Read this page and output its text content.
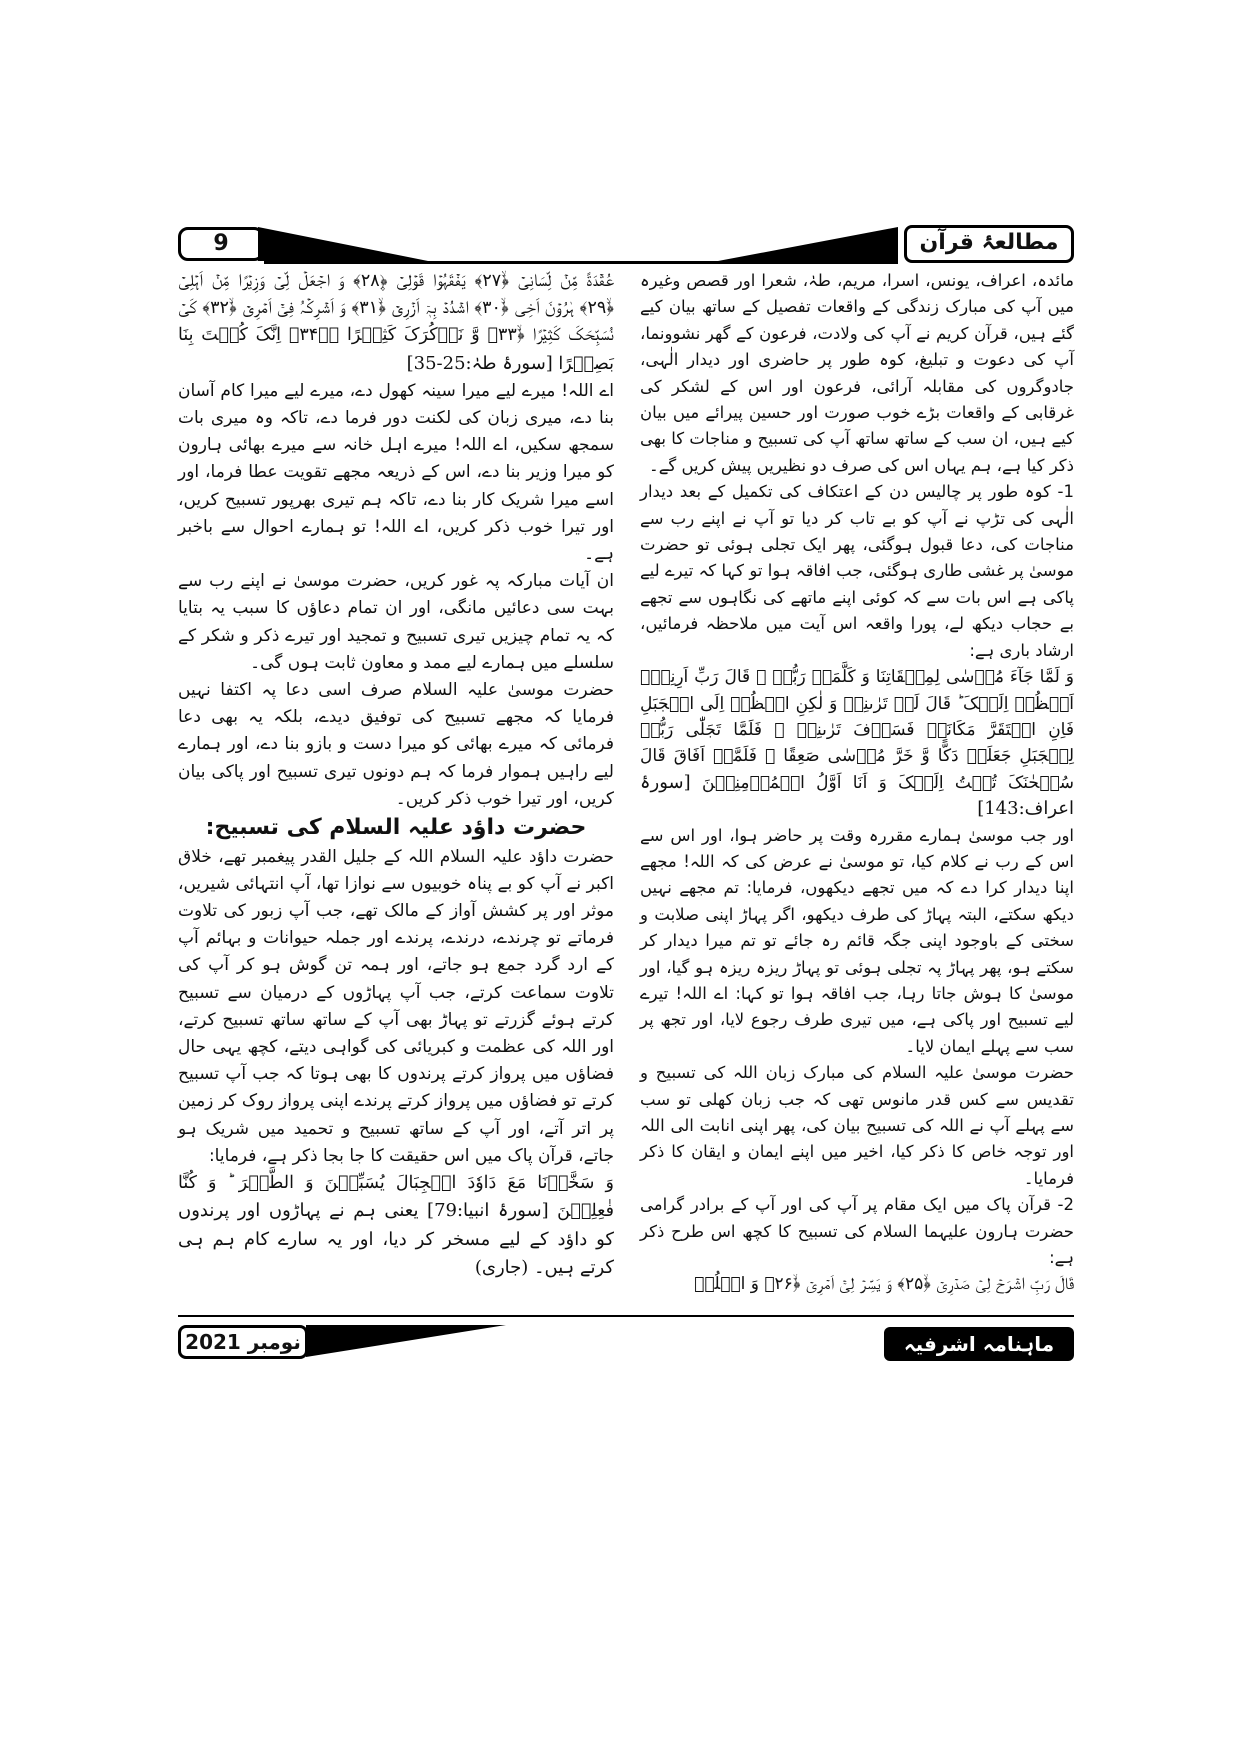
9	مطالعۂ قرآن

مائدہ، اعراف، یونس، اسرا، مریم، طہٰ، شعرا اور قصص وغیرہ میں آپ کی مبارک زندگی کے واقعات تفصیل کے ساتھ بیان کیے گئے ہیں، قرآن کریم نے آپ کی ولادت، فرعون کے گھر نشوونما، آپ کی دعوت و تبلیغ، کوہ طور پر حاضری اور دیدار الٰہی، جادوگروں کی مقابلہ آرائی، فرعون اور اس کے لشکر کی غرقابی کے واقعات بڑے خوب صورت اور حسین پیرائے میں بیان کیے ہیں، ان سب کے ساتھ ساتھ آپ کی تسبیح و مناجات کا بھی ذکر کیا ہے، ہم یہاں اس کی صرف دو نظیریں پیش کریں گے۔

1- کوہ طور پر چالیس دن کے اعتکاف کی تکمیل کے بعد دیدار الٰہی کی تڑپ نے آپ کو بے تاب کر دیا تو آپ نے اپنے رب سے مناجات کی، دعا قبول ہوگئی، پھر ایک تجلی ہوئی تو حضرت موسیٰ پر غشی طاری ہوگئی، جب افاقہ ہوا تو کہا کہ تیرے لیے پاکی ہے اس بات سے کہ کوئی اپنے ماتھے کی نگاہوں سے تجھے بے حجاب دیکھ لے، پورا واقعہ اس آیت میں ملاحظہ فرمائیں، ارشاد باری ہے:

وَ لَمَّا جَآءَ مُوۡسٰی لِمِیۡقَاتِنَا وَ کَلَّمَہٗ رَبُّہٗ ۙ قَالَ رَبِّ اَرِنِیۡۤ اَنۡظُرۡ اِلَیۡکَ ؕ قَالَ لَنۡ تَرٰىنِیۡ وَ لٰکِنِ انۡظُرۡ اِلَی الۡجَبَلِ فَاِنِ اسۡتَقَرَّ مَکَانَہٗ فَسَوۡفَ تَرٰىنِیۡ ۚ فَلَمَّا تَجَلّٰی رَبُّہٗ لِلۡجَبَلِ جَعَلَہٗ دَکًّا وَّ خَرَّ مُوۡسٰی صَعِقًا ۚ فَلَمَّاۤ اَفَاقَ قَالَ سُبۡحٰنَکَ تُبۡتُ اِلَیۡکَ وَ اَنَا اَوَّلُ الۡمُؤۡمِنِیۡنَ [سورۂ اعراف:143]

اور جب موسیٰ ہمارے مقررہ وقت پر حاضر ہوا، اور اس سے اس کے رب نے کلام کیا، تو موسیٰ نے عرض کی کہ اللہ! مجھے اپنا دیدار کرا دے کہ میں تجھے دیکھوں، فرمایا: تم مجھے نہیں دیکھ سکتے، البتہ پہاڑ کی طرف دیکھو، اگر پہاڑ اپنی صلابت و سختی کے باوجود اپنی جگہ قائم رہ جائے تو تم میرا دیدار کر سکتے ہو، پھر پہاڑ پہ تجلی ہوئی تو پہاڑ ریزہ ریزہ ہو گیا، اور موسیٰ کا ہوش جاتا رہا، جب افاقہ ہوا تو کہا: اے اللہ! تیرے لیے تسبیح اور پاکی ہے، میں تیری طرف رجوع لایا، اور تجھ پر سب سے پہلے ایمان لایا۔

حضرت موسیٰ علیہ السلام کی مبارک زبان اللہ کی تسبیح و تقدیس سے کس قدر مانوس تھی کہ جب زبان کھلی تو سب سے پہلے آپ نے اللہ کی تسبیح بیان کی، پھر اپنی انابت الی اللہ اور توجہ خاص کا ذکر کیا، اخیر میں اپنے ایمان و ایقان کا ذکر فرمایا۔

2- قرآن پاک میں ایک مقام پر آپ کی اور آپ کے برادر گرامی حضرت ہارون علیہما السلام کی تسبیح کا کچھ اس طرح ذکر ہے:

قَالَ رَبِّ اشۡرَحۡ لِیۡ صَدۡرِیۡ ﴿ۙ۲۵﴾ وَ یَسِّرۡ لِیۡۤ اَمۡرِیۡ ﴿ۙ۲۶﴾ وَ احۡلُلۡ

عُقۡدَۃً مِّنۡ لِّسَانِیۡ ﴿ۙ۲۷﴾ یَفۡقَہُوۡا قَوۡلِیۡ ﴿۪۲۸﴾ وَ اجۡعَلۡ لِّیۡ وَزِیۡرًا مِّنۡ اَہۡلِیۡ ﴿ۙ۲۹﴾ ہٰرُوۡنَ اَخِی ﴿ۙ۳۰﴾ اشۡدُدۡ بِہٖۤ اَزۡرِیۡ ﴿ۙ۳۱﴾ وَ اَشۡرِکۡہُ فِیۡۤ اَمۡرِیۡ ﴿ۙ۳۲﴾ کَیۡ نُسَبِّحَکَ کَثِیۡرًا ﴿ۙ۳۳﴾ وَّ نَذۡکُرَکَ کَثِیۡرًا ﴿ؕ۳۴﴾ اِنَّکَ کُنۡتَ بِنَا بَصِیۡرًا [سورۂ طہٰ:25-35]

اے اللہ! میرے لیے میرا سینہ کھول دے، میرے لیے میرا کام آسان بنا دے، میری زبان کی لکنت دور فرما دے، تاکہ وہ میری بات سمجھ سکیں، اے اللہ! میرے اہل خانہ سے میرے بھائی ہارون کو میرا وزیر بنا دے، اس کے ذریعہ مجھے تقویت عطا فرما، اور اسے میرا شریک کار بنا دے، تاکہ ہم تیری بھرپور تسبیح کریں، اور تیرا خوب ذکر کریں، اے اللہ! تو ہمارے احوال سے باخبر ہے۔

ان آیات مبارکہ پہ غور کریں، حضرت موسیٰ نے اپنے رب سے بہت سی دعائیں مانگی، اور ان تمام دعاؤں کا سبب یہ بتایا کہ یہ تمام چیزیں تیری تسبیح و تمجید اور تیرے ذکر و شکر کے سلسلے میں ہمارے لیے ممد و معاون ثابت ہوں گی۔

حضرت موسیٰ علیہ السلام صرف اسی دعا پہ اکتفا نہیں فرمایا کہ مجھے تسبیح کی توفیق دیدے، بلکہ یہ بھی دعا فرمائی کہ میرے بھائی کو میرا دست و بازو بنا دے، اور ہمارے لیے راہیں ہموار فرما کہ ہم دونوں تیری تسبیح اور پاکی بیان کریں، اور تیرا خوب ذکر کریں۔

حضرت داؤد علیہ السلام کی تسبیح:

حضرت داؤد علیہ السلام اللہ کے جلیل القدر پیغمبر تھے، خلاق اکبر نے آپ کو بے پناہ خوبیوں سے نوازا تھا، آپ انتہائی شیریں، موثر اور پر کشش آواز کے مالک تھے، جب آپ زبور کی تلاوت فرماتے تو چرندے، درندے، پرندے اور جملہ حیوانات و بہائم آپ کے ارد گرد جمع ہو جاتے، اور ہمہ تن گوش ہو کر آپ کی تلاوت سماعت کرتے، جب آپ پہاڑوں کے درمیان سے تسبیح کرتے ہوئے گزرتے تو پہاڑ بھی آپ کے ساتھ ساتھ تسبیح کرتے، اور اللہ کی عظمت و کبریائی کی گواہی دیتے، کچھ یہی حال فضاؤں میں پرواز کرتے پرندوں کا بھی ہوتا کہ جب آپ تسبیح کرتے تو فضاؤں میں پرواز کرتے پرندے اپنی پرواز روک کر زمین پر اتر آتے، اور آپ کے ساتھ تسبیح و تحمید میں شریک ہو جاتے، قرآن پاک میں اس حقیقت کا جا بجا ذکر ہے، فرمایا:

وَ سَخَّرۡنَا مَعَ دَاوٗدَ الۡجِبَالَ یُسَبِّحۡنَ وَ الطَّیۡرَ ؕ وَ کُنَّا فٰعِلِیۡنَ [سورۂ انبیا:79] یعنی ہم نے پہاڑوں اور پرندوں کو داؤد کے لیے مسخر کر دیا، اور یہ سارے کام ہم ہی کرتے ہیں۔ (جاری)

نومبر 2021	ماہنامہ اشرفیہ
